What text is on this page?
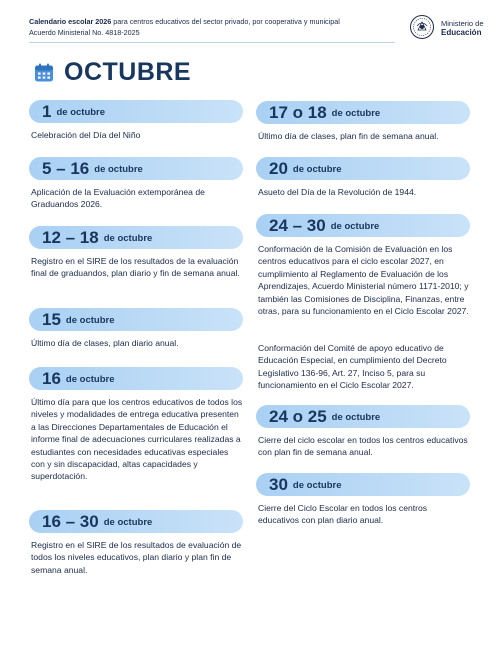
Calendario escolar 2026 para centros educativos del sector privado, por cooperativa y municipal
Acuerdo Ministerial No. 4818-2025
Ministerio de
Educación
OCTUBRE
1 de octubre
Celebración del Día del Niño
5 – 16 de octubre
Aplicación de la Evaluación extemporánea de Graduandos 2026.
12 – 18 de octubre
Registro en el SIRE de los resultados de la evaluación final de graduandos, plan diario y fin de semana anual.
15 de octubre
Último día de clases, plan diario anual.
16 de octubre
Último día para que los centros educativos de todos los niveles y modalidades de entrega educativa presenten a las Direcciones Departamentales de Educación el informe final de adecuaciones curriculares realizadas a estudiantes con necesidades educativas especiales con y sin discapacidad, altas capacidades y superdotación.
16 – 30 de octubre
Registro en el SIRE de los resultados de evaluación de todos los niveles educativos, plan diario y plan fin de semana anual.
17 o 18 de octubre
Último día de clases, plan fin de semana anual.
20 de octubre
Asueto del Día de la Revolución de 1944.
24 – 30 de octubre
Conformación de la Comisión de Evaluación en los centros educativos para el ciclo escolar 2027, en cumplimiento al Reglamento de Evaluación de los Aprendizajes, Acuerdo Ministerial número 1171-2010; y también las Comisiones de Disciplina, Finanzas, entre otras, para su funcionamiento en el Ciclo Escolar 2027.
Conformación del Comité de apoyo educativo de Educación Especial, en cumplimiento del Decreto Legislativo 136-96, Art. 27, Inciso 5, para su funcionamiento en el Ciclo Escolar 2027.
24 o 25 de octubre
Cierre del ciclo escolar en todos los centros educativos con plan fin de semana anual.
30 de octubre
Cierre del Ciclo Escolar en todos los centros educativos con plan diario anual.
